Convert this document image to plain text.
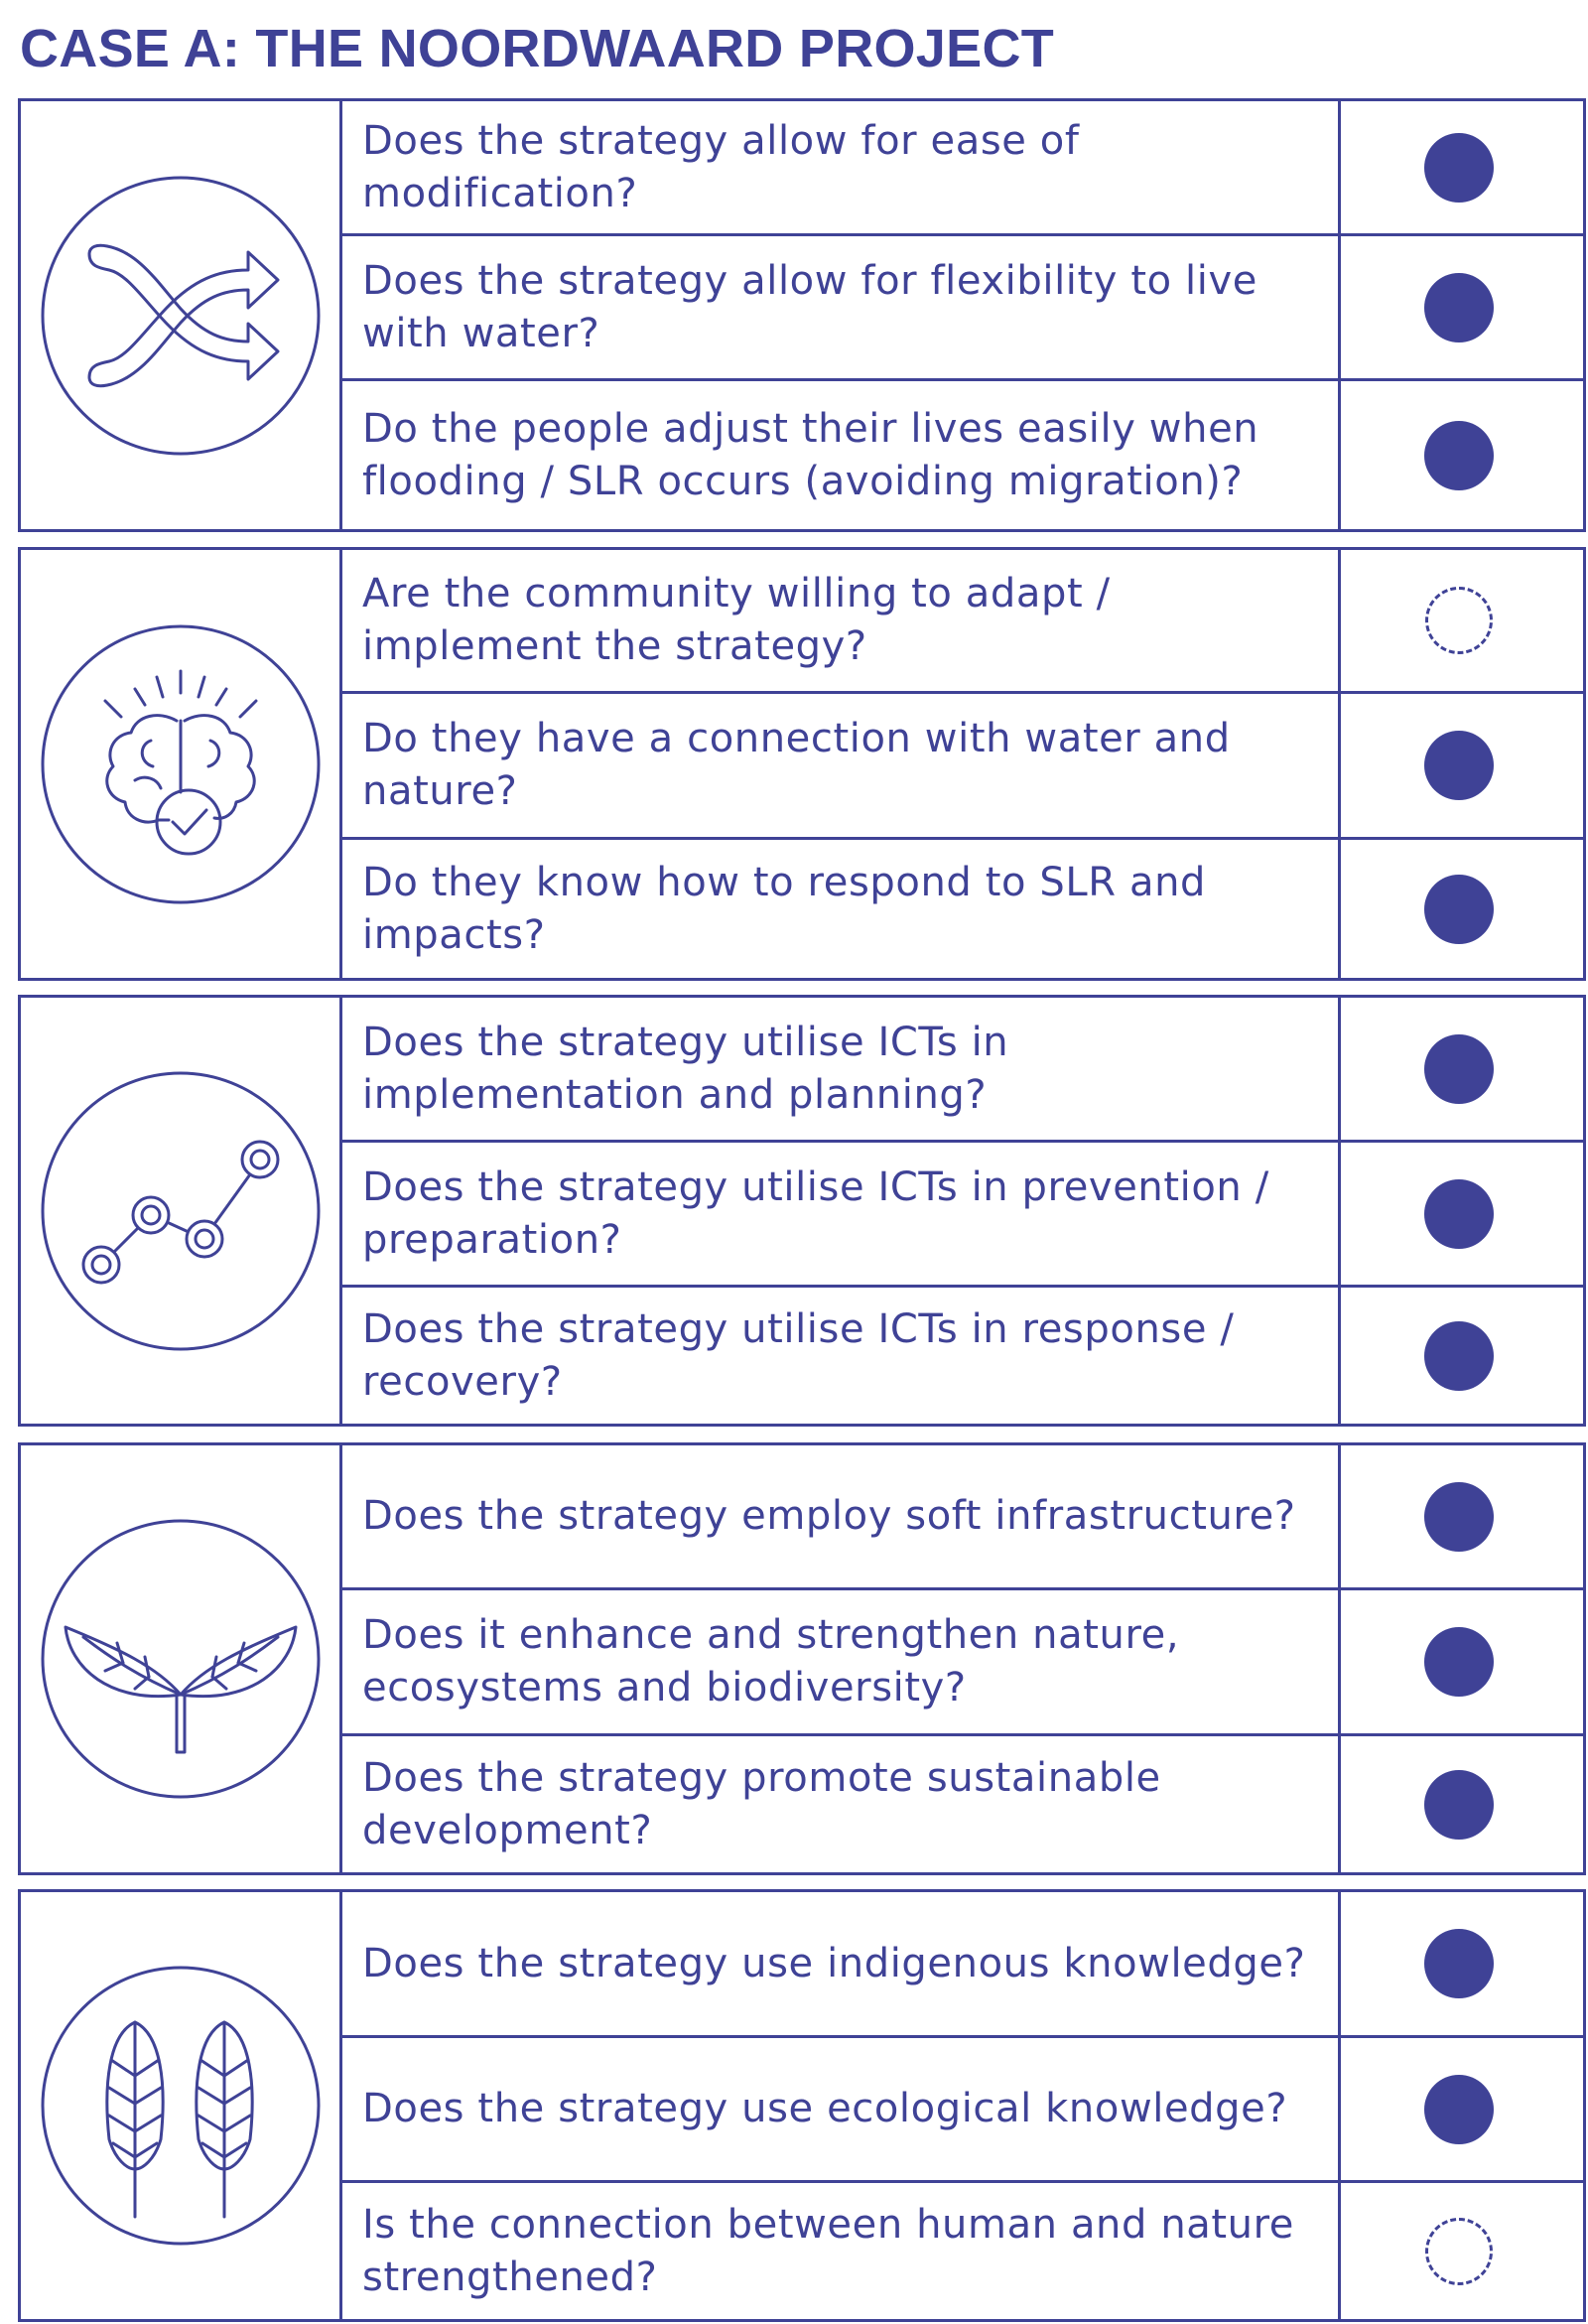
CASE A: THE NOORDWAARD PROJECT
Does the strategy allow for ease of modification?
Does the strategy allow for flexibility to live with water?
Do the people adjust their lives easily when flooding / SLR occurs (avoiding migration)?
Are the community willing to adapt / implement the strategy?
Do they have a connection with water and nature?
Do they know how to respond to SLR and impacts?
Does the strategy utilise ICTs in implementation and planning?
Does the strategy utilise ICTs in prevention / preparation?
Does the strategy utilise ICTs in response / recovery?
Does the strategy employ soft infrastructure?
Does it enhance and strengthen nature, ecosystems and biodiversity?
Does the strategy promote sustainable development?
Does the strategy use indigenous knowledge?
Does the strategy use ecological knowledge?
Is the connection between human and nature strengthened?
